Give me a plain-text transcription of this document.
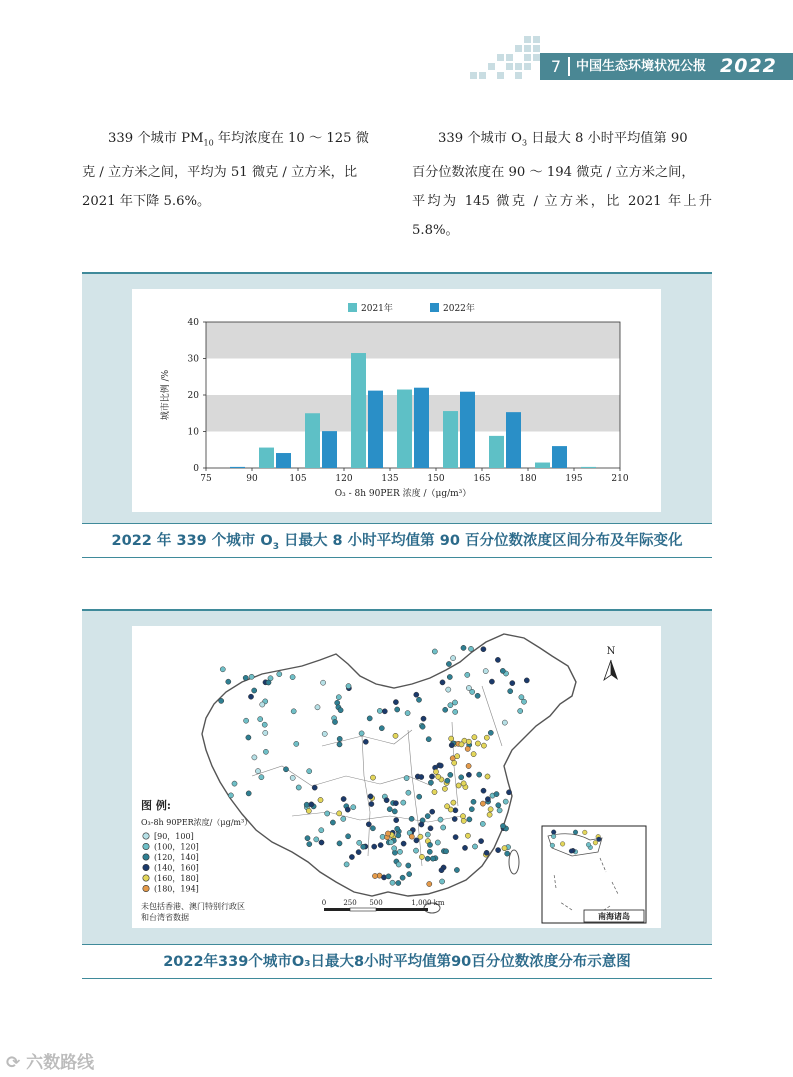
7	中国生态环境状况公报 2022
339 个城市 $PM_{10}$ 年均浓度在 10 ～ 125 微
克 / 立方米之间，平均为 51 微克 / 立方米，比
2021 年下降 5.6%。
339 个城市 $O_3$ 日最大 8 小时平均值第 90
百分位数浓度在 90 ～ 194 微克 / 立方米之间，
平均为 145 微克 / 立方米，比 2021 年上升 5.8%。
75	90	105	120	135	150	165	180	195	210
0
10
20
30
40
2021年	2022年
城市比例 /%
O₃ - 8h 90PER 浓度 /（μg/m³）
2022 年 339 个城市 $O_3$ 日最大 8 小时平均值第 90 百分位数浓度区间分布及年际变化
N
图 例:
O₃-8h 90PER浓度/（μg/m³）
[90，100]
(100，120]
(120，140]
(140，160]
(160，180]
(180，194]
未包括香港、澳门特别行政区
和台湾省数据
0 250 500	1,000 km
南海诸岛
2022年339个城市O₃日最大8小时平均值第90百分位数浓度分布示意图
⟳ 六数路线
